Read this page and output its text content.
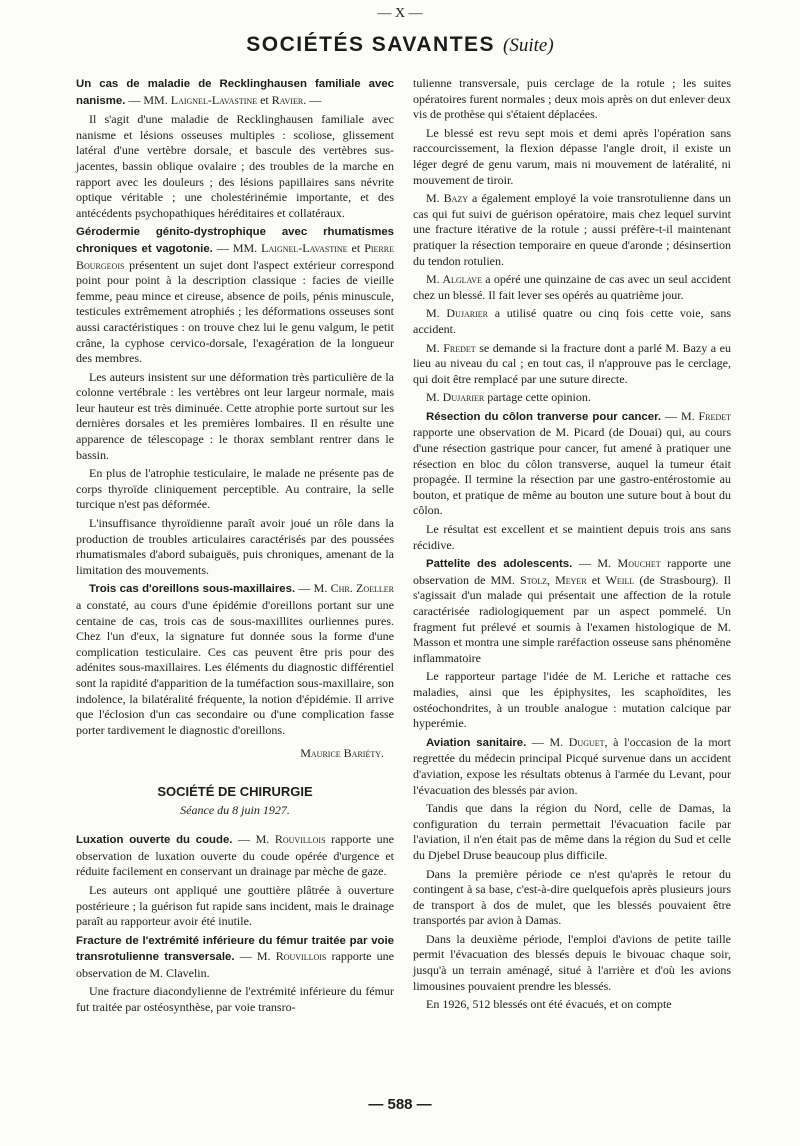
— X —
SOCIÉTÉS SAVANTES (Suite)

Un cas de maladie de Recklinghausen familiale avec nanisme. — MM. Laignel-Lavastine et Ravier. —

Il s'agit d'une maladie de Recklinghausen familiale avec nanisme et lésions osseuses multiples : scoliose, glissement latéral d'une vertèbre dorsale, et bascule des vertèbres sus-jacentes, bassin oblique ovalaire ; des troubles de la marche en rapport avec les douleurs ; des lésions papillaires sans névrite optique véritable ; une cholestérinémie importante, et des antécédents psychopathiques héréditaires et collatéraux.

Gérodermie génito-dystrophique avec rhumatismes chroniques et vagotonie. — MM. Laignel-Lavastine et Pierre Bourgeois présentent un sujet dont l'aspect extérieur correspond point pour point à la description classique : facies de vieille femme, peau mince et cireuse, absence de poils, pénis minuscule, testicules extrêmement atrophiés ; les déformations osseuses sont aussi caractéristiques : on trouve chez lui le genu valgum, le petit crâne, la cyphose cervico-dorsale, l'exagération de la longueur des membres.

Les auteurs insistent sur une déformation très particulière de la colonne vertébrale : les vertèbres ont leur largeur normale, mais leur hauteur est très diminuée. Cette atrophie porte surtout sur les dernières dorsales et les premières lombaires. Il en résulte une apparence de télescopage : le thorax semblant rentrer dans le bassin.

En plus de l'atrophie testiculaire, le malade ne présente pas de corps thyroïde cliniquement perceptible. Au contraire, la selle turcique n'est pas déformée.

L'insuffisance thyroïdienne paraît avoir joué un rôle dans la production de troubles articulaires caractérisés par des poussées rhumatismales d'abord subaiguës, puis chroniques, amenant de la limitation des mouvements.

Trois cas d'oreillons sous-maxillaires. — M. Chr. Zoeller a constaté, au cours d'une épidémie d'oreillons portant sur une centaine de cas, trois cas de sous-maxillites ourliennes pures. Chez l'un d'eux, la signature fut donnée sous la forme d'une complication testiculaire. Ces cas peuvent être pris pour des adénites sous-maxillaires. Les éléments du diagnostic différentiel sont la rapidité d'apparition de la tuméfaction sous-maxillaire, son indolence, la bilatéralité fréquente, la notion d'épidémie. Il arrive que l'éclosion d'un cas secondaire ou d'une complication fasse porter tardivement le diagnostic d'oreillons.

Maurice Bariéty.
SOCIÉTÉ DE CHIRURGIE
Séance du 8 juin 1927.

Luxation ouverte du coude. — M. Rouvillois rapporte une observation de luxation ouverte du coude opérée d'urgence et réduite facilement en conservant un drainage par mèche de gaze.

Les auteurs ont appliqué une gouttière plâtrée à ouverture postérieure ; la guérison fut rapide sans incident, mais le drainage paraît au rapporteur avoir été inutile.

Fracture de l'extrémité inférieure du fémur traitée par voie transrotulienne transversale. — M. Rouvillois rapporte une observation de M. Clavelin.

Une fracture diacondylienne de l'extrémité inférieure du fémur fut traitée par ostéosynthèse, par voie transro-

tulienne transversale, puis cerclage de la rotule ; les suites opératoires furent normales ; deux mois après on dut enlever deux vis de prothèse qui s'étaient déplacées.

Le blessé est revu sept mois et demi après l'opération sans raccourcissement, la flexion dépasse l'angle droit, il existe un léger degré de genu varum, mais ni mouvement de latéralité, ni mouvement de tiroir.

M. Bazy a également employé la voie transrotulienne dans un cas qui fut suivi de guérison opératoire, mais chez lequel survint une fracture itérative de la rotule ; aussi préfère-t-il maintenant pratiquer la résection temporaire en queue d'aronde ; désinsertion du tendon rotulien.

M. Alglave a opéré une quinzaine de cas avec un seul accident chez un blessé. Il fait lever ses opérés au quatrième jour.

M. Dujarier a utilisé quatre ou cinq fois cette voie, sans accident.

M. Fredet se demande si la fracture dont a parlé M. Bazy a eu lieu au niveau du cal ; en tout cas, il n'approuve pas le cerclage, qui doit être remplacé par une suture directe.

M. Dujarier partage cette opinion.

Résection du côlon tranverse pour cancer. — M. Fredet rapporte une observation de M. Picard (de Douai) qui, au cours d'une résection gastrique pour cancer, fut amené à pratiquer une résection en bloc du côlon transverse, auquel la tumeur était propagée. Il termine la résection par une gastro-entérostomie au bouton, et pratique de même au bouton une suture bout à bout du côlon.

Le résultat est excellent et se maintient depuis trois ans sans récidive.

Pattelite des adolescents. — M. Mouchet rapporte une observation de MM. Stolz, Meyer et Weill (de Strasbourg). Il s'agissait d'un malade qui présentait une affection de la rotule caractérisée radiologiquement par un aspect pommelé. Un fragment fut prélevé et soumis à l'examen histologique de M. Masson et montra une simple raréfaction osseuse sans phénomène inflammatoire

Le rapporteur partage l'idée de M. Leriche et rattache ces maladies, ainsi que les épiphysites, les scaphoïdites, les ostéochondrites, à un trouble analogue : mutation calcique par hyperémie.

Aviation sanitaire. — M. Duguet, à l'occasion de la mort regrettée du médecin principal Picqué survenue dans un accident d'aviation, expose les résultats obtenus à l'armée du Levant, pour l'évacuation des blessés par avion.

Tandis que dans la région du Nord, celle de Damas, la configuration du terrain permettait l'évacuation facile par l'aviation, il n'en était pas de même dans la région du Sud et celle du Djebel Druse beaucoup plus difficile.

Dans la première période ce n'est qu'après le retour du contingent à sa base, c'est-à-dire quelquefois après plusieurs jours de transport à dos de mulet, que les blessés pouvaient être transportés par avion à Damas.

Dans la deuxième période, l'emploi d'avions de petite taille permit l'évacuation des blessés depuis le bivouac chaque soir, jusqu'à un terrain aménagé, situé à l'arrière et d'où les avions limousines pouvaient prendre les blessés.

En 1926, 512 blessés ont été évacués, et on compte

— 588 —
